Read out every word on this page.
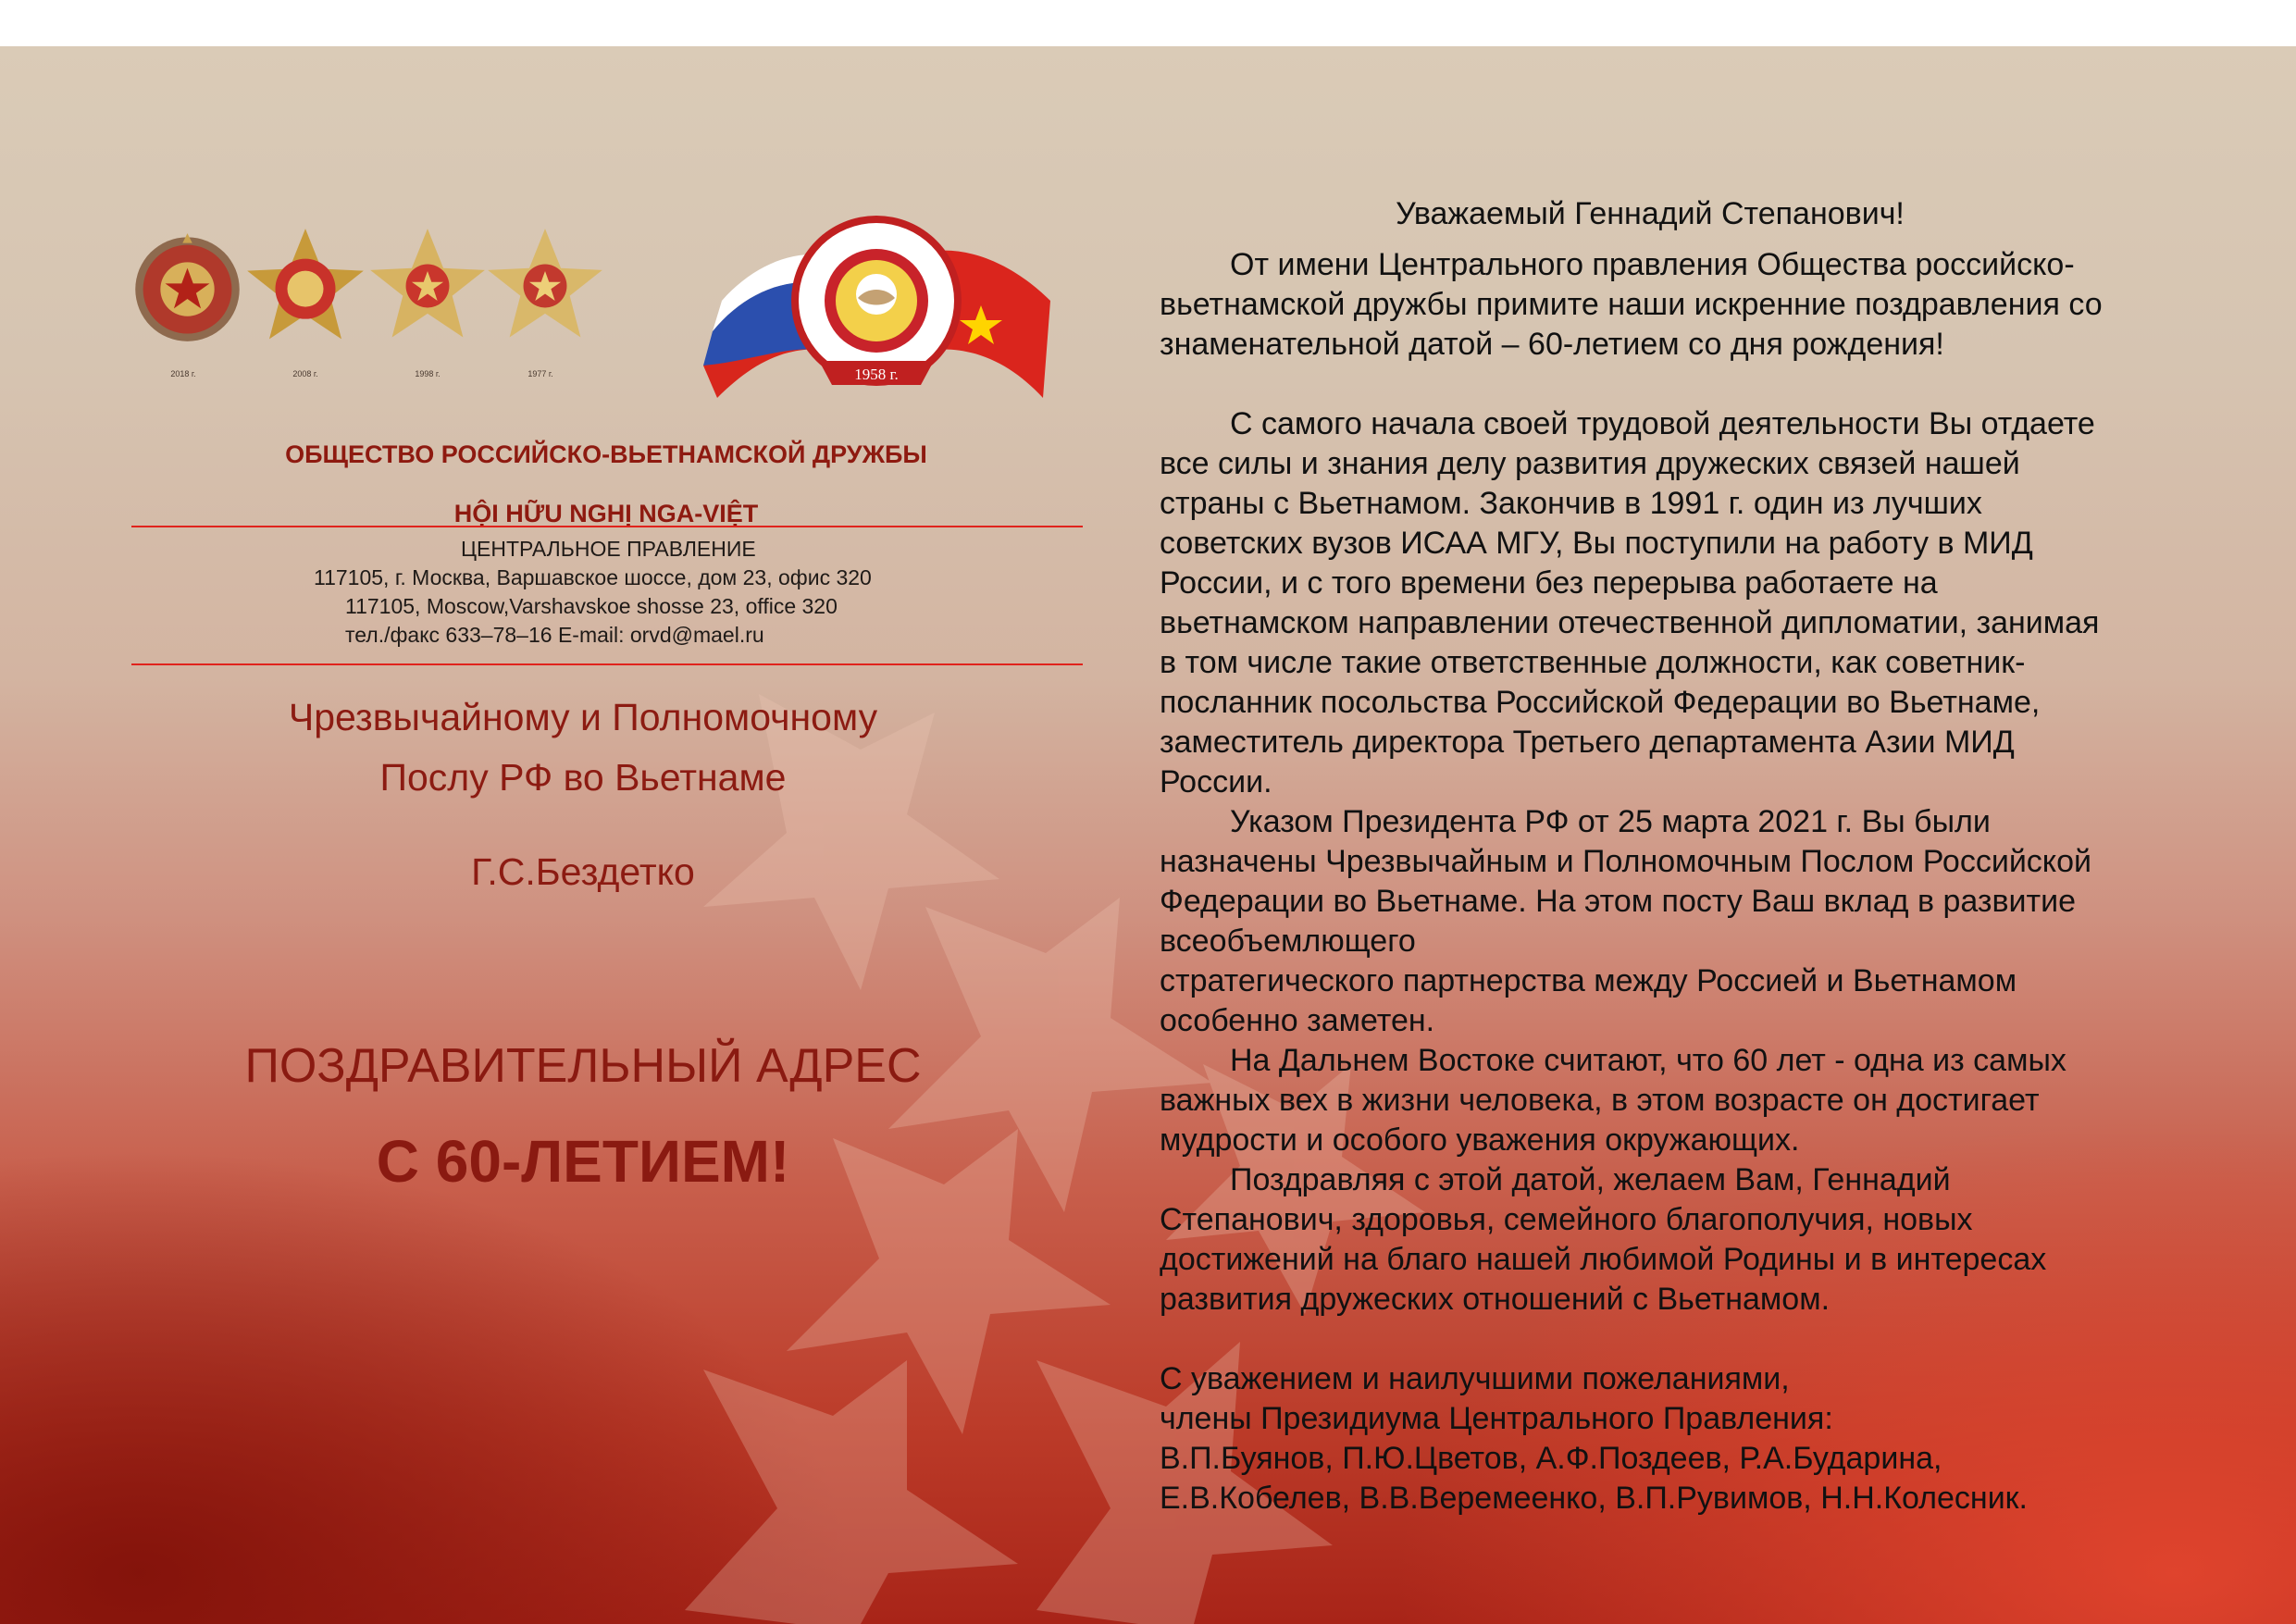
2018 г.	2008 г.	1998 г.	1977 г.	1958 г.
ОБЩЕСТВО РОССИЙСКО-ВЬЕТНАМСКОЙ ДРУЖБЫ
HỘI HỮU NGHỊ NGA-VIỆT
ЦЕНТРАЛЬНОЕ ПРАВЛЕНИЕ
117105, г. Москва, Варшавское шоссе, дом 23, офис 320
117105, Moscow,Varshavskoe shosse 23, office 320
тел./факс 633–78–16 E-mail: orvd@mael.ru
Чрезвычайному и Полномочному
Послу РФ во Вьетнаме
Г.С.Бездетко
ПОЗДРАВИТЕЛЬНЫЙ АДРЕС
С 60-ЛЕТИЕМ!
Уважаемый Геннадий Степанович!
От имени Центрального правления Общества российско-
вьетнамской дружбы примите наши искренние поздравления со
знаменательной датой – 60-летием со дня рождения!
С самого начала своей трудовой деятельности Вы отдаете
все силы и знания делу развития дружеских связей нашей
страны с Вьетнамом. Закончив в 1991 г. один из лучших
советских вузов ИСАА МГУ, Вы поступили на работу в МИД
России, и с того времени без перерыва работаете на
вьетнамском направлении отечественной дипломатии, занимая
в том числе такие ответственные должности, как советник-
посланник посольства Российской Федерации во Вьетнаме,
заместитель директора Третьего департамента Азии МИД
России.
Указом Президента РФ от 25 марта 2021 г. Вы были
назначены Чрезвычайным и Полномочным Послом Российской
Федерации во Вьетнаме. На этом посту Ваш вклад в развитие
всеобъемлющего
стратегического партнерства между Россией и Вьетнамом
особенно заметен.
На Дальнем Востоке считают, что 60 лет - одна из самых
важных вех в жизни человека, в этом возрасте он достигает
мудрости и особого уважения окружающих.
Поздравляя с этой датой, желаем Вам, Геннадий
Степанович, здоровья, семейного благополучия, новых
достижений на благо нашей любимой Родины и в интересах
развития дружеских отношений с Вьетнамом.
С уважением и наилучшими пожеланиями,
члены Президиума Центрального Правления:
В.П.Буянов, П.Ю.Цветов, А.Ф.Поздеев, Р.А.Бударина,
Е.В.Кобелев, В.В.Веремеенко, В.П.Рувимов, Н.Н.Колесник.
